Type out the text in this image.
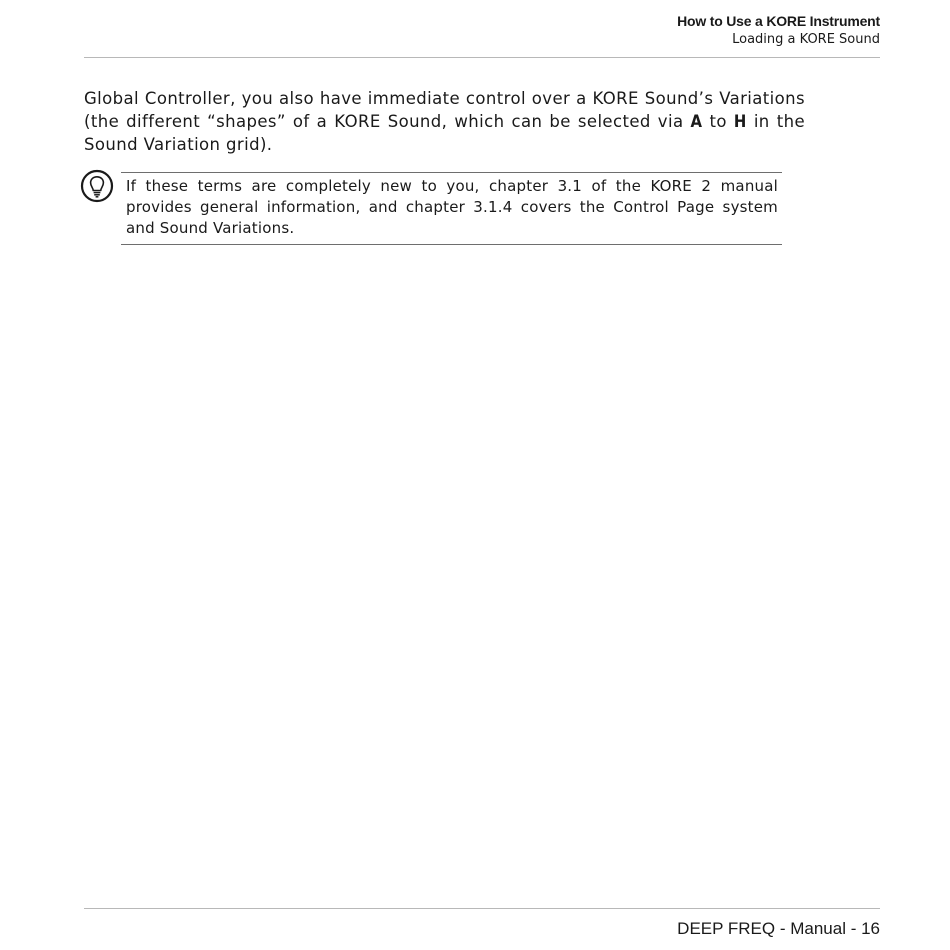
How to Use a KORE Instrument
Loading a KORE Sound

Global Controller, you also have immediate control over a KORE Sound’s Variations (the different “shapes” of a KORE Sound, which can be selected via A to H in the Sound Variation grid).

If these terms are completely new to you, chapter 3.1 of the KORE 2 manual provides general information, and chapter 3.1.4 covers the Control Page system and Sound Variations.

DEEP FREQ - Manual - 16
